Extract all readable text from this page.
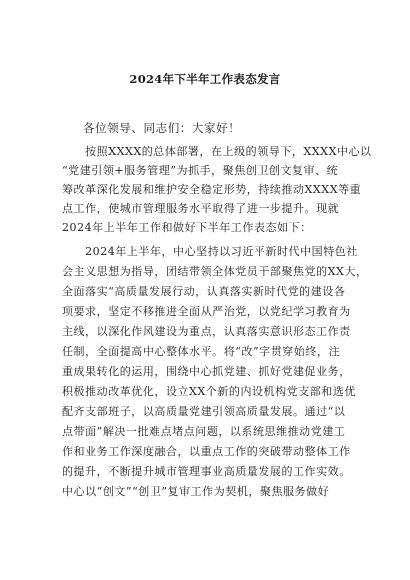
2024年下半年工作表态发言
各位领导、同志们：大家好！
　　按照XXXX的总体部署，在上级的领导下，XXXX中心以
“党建引领+服务管理”为抓手，聚焦创卫创文复审、统
筹改革深化发展和维护安全稳定形势，持续推动XXXX等重
点工作，使城市管理服务水平取得了进一步提升。现就
2024年上半年工作和做好下半年工作表态如下：
　　2024年上半年，中心坚持以习近平新时代中国特色社
会主义思想为指导，团结带领全体党员干部聚焦党的XX大，
全面落实“高质量发展行动，认真落实新时代党的建设各
项要求，坚定不移推进全面从严治党，以党纪学习教育为
主线，以深化作风建设为重点，认真落实意识形态工作责
任制，全面提高中心整体水平。将“改”字贯穿始终，注
重成果转化的运用，围绕中心抓党建、抓好党建促业务，
积极推动改革优化，设立XX个新的内设机构党支部和选优
配齐支部班子，以高质量党建引领高质量发展。通过“以
点带面”解决一批难点堵点问题，以系统思维推动党建工
作和业务工作深度融合，以重点工作的突破带动整体工作
的提升，不断提升城市管理事业高质量发展的工作实效。
中心以“创文”“创卫”复审工作为契机，聚焦服务做好
